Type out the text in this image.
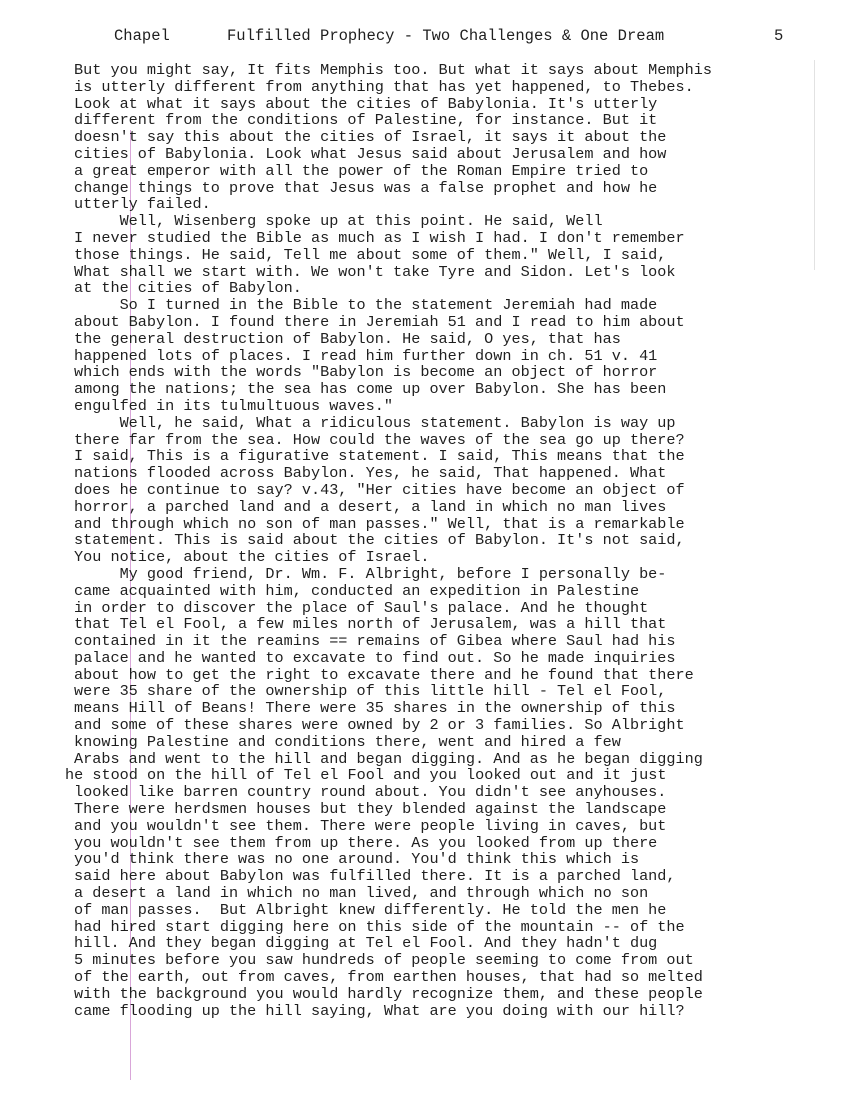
Chapel	Fulfilled Prophecy - Two Challenges & One Dream	5
But you might say, It fits Memphis too. But what it says about Memphis
is utterly different from anything that has yet happened, to Thebes.
Look at what it says about the cities of Babylonia. It's utterly
different from the conditions of Palestine, for instance. But it
doesn't say this about the cities of Israel, it says it about the
cities of Babylonia. Look what Jesus said about Jerusalem and how
a great emperor with all the power of the Roman Empire tried to
change things to prove that Jesus was a false prophet and how he
utterly failed.
Well, Wisenberg spoke up at this point. He said, Well
I never studied the Bible as much as I wish I had. I don't remember
those things. He said, Tell me about some of them." Well, I said,
What shall we start with. We won't take Tyre and Sidon. Let's look
at the cities of Babylon.
So I turned in the Bible to the statement Jeremiah had made
about Babylon. I found there in Jeremiah 51 and I read to him about
the general destruction of Babylon. He said, O yes, that has
happened lots of places. I read him further down in ch. 51 v. 41
which ends with the words "Babylon is become an object of horror
among the nations; the sea has come up over Babylon. She has been
engulfed in its tulmultuous waves."
Well, he said, What a ridiculous statement. Babylon is way up
there far from the sea. How could the waves of the sea go up there?
I said, This is a figurative statement. I said, This means that the
nations flooded across Babylon. Yes, he said, That happened. What
does he continue to say? v.43, "Her cities have become an object of
horror, a parched land and a desert, a land in which no man lives
and through which no son of man passes." Well, that is a remarkable
statement. This is said about the cities of Babylon. It's not said,
You notice, about the cities of Israel.
My good friend, Dr. Wm. F. Albright, before I personally be-
came acquainted with him, conducted an expedition in Palestine
in order to discover the place of Saul's palace. And he thought
that Tel el Fool, a few miles north of Jerusalem, was a hill that
contained in it the reamins == remains of Gibea where Saul had his
palace and he wanted to excavate to find out. So he made inquiries
about how to get the right to excavate there and he found that there
were 35 share of the ownership of this little hill - Tel el Fool,
means Hill of Beans! There were 35 shares in the ownership of this
and some of these shares were owned by 2 or 3 families. So Albright
knowing Palestine and conditions there, went and hired a few
Arabs and went to the hill and began digging. And as he began digging
he stood on the hill of Tel el Fool and you looked out and it just
looked like barren country round about. You didn't see anyhouses.
There were herdsmen houses but they blended against the landscape
and you wouldn't see them. There were people living in caves, but
you wouldn't see them from up there. As you looked from up there
you'd think there was no one around. You'd think this which is
said here about Babylon was fulfilled there. It is a parched land,
a desert a land in which no man lived, and through which no son
of man passes.  But Albright knew differently. He told the men he
had hired start digging here on this side of the mountain -- of the
hill. And they began digging at Tel el Fool. And they hadn't dug
5 minutes before you saw hundreds of people seeming to come from out
of the earth, out from caves, from earthen houses, that had so melted
with the background you would hardly recognize them, and these people
came flooding up the hill saying, What are you doing with our hill?
